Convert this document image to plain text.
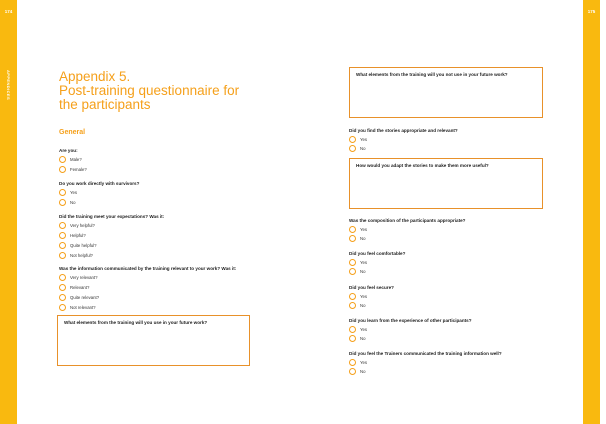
174	175
APPENDICES	APPENDICES
Appendix 5.
Post-training questionnaire for
the participants
General
Are you:
Male?
Female?
Do you work directly with survivors?
Yes
No
Did the training meet your expectations? Was it:
Very helpful?
Helpful?
Quite helpful?
Not helpful?
Was the information communicated by the training relevant to your work? Was it:
Very relevant?
Relevant?
Quite relevant?
Not relevant?
What elements from the training will you use in your future work?
What elements from the training will you not use in your future work?
Did you find the stories appropriate and relevant?
Yes
No
How would you adapt the stories to make them more useful?
Was the composition of the participants appropriate?
Yes
No
Did you feel comfortable?
Yes
No
Did you feel secure?
Yes
No
Did you learn from the experience of other participants?
Yes
No
Did you feel the Trainers communicated the training information well?
Yes
No
